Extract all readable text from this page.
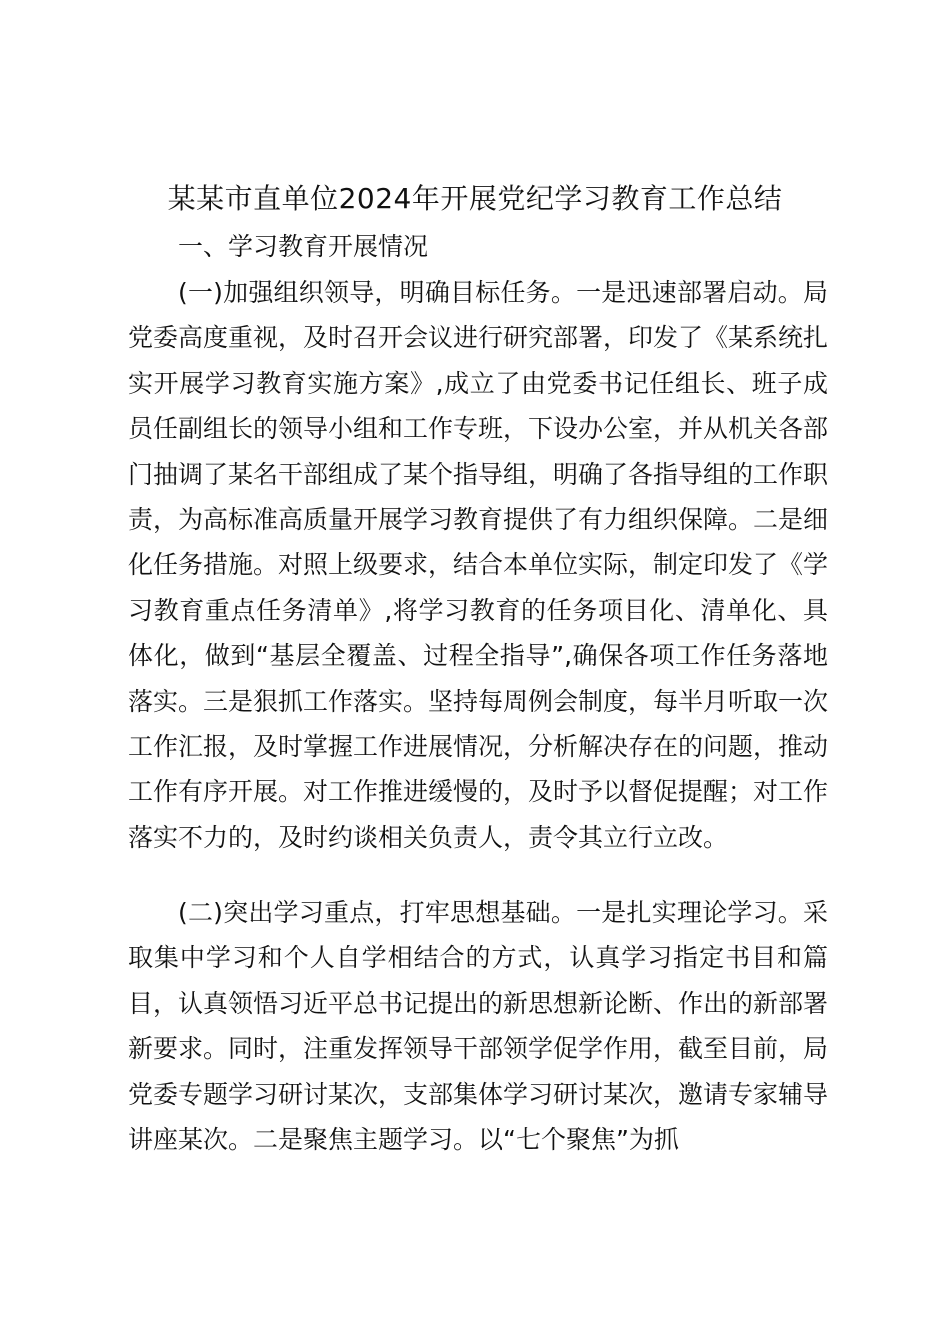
某某市直单位2024年开展党纪学习教育工作总结

一、学习教育开展情况

(一)加强组织领导，明确目标任务。一是迅速部署启动。局党委高度重视，及时召开会议进行研究部署，印发了《某系统扎实开展学习教育实施方案》,成立了由党委书记任组长、班子成员任副组长的领导小组和工作专班，下设办公室，并从机关各部门抽调了某名干部组成了某个指导组，明确了各指导组的工作职责，为高标准高质量开展学习教育提供了有力组织保障。二是细化任务措施。对照上级要求，结合本单位实际，制定印发了《学习教育重点任务清单》,将学习教育的任务项目化、清单化、具体化，做到“基层全覆盖、过程全指导”,确保各项工作任务落地落实。三是狠抓工作落实。坚持每周例会制度，每半月听取一次工作汇报，及时掌握工作进展情况，分析解决存在的问题，推动工作有序开展。对工作推进缓慢的，及时予以督促提醒；对工作落实不力的，及时约谈相关负责人，责令其立行立改。

(二)突出学习重点，打牢思想基础。一是扎实理论学习。采取集中学习和个人自学相结合的方式，认真学习指定书目和篇目，认真领悟习近平总书记提出的新思想新论断、作出的新部署新要求。同时，注重发挥领导干部领学促学作用，截至目前，局党委专题学习研讨某次，支部集体学习研讨某次，邀请专家辅导讲座某次。二是聚焦主题学习。以“七个聚焦”为抓
